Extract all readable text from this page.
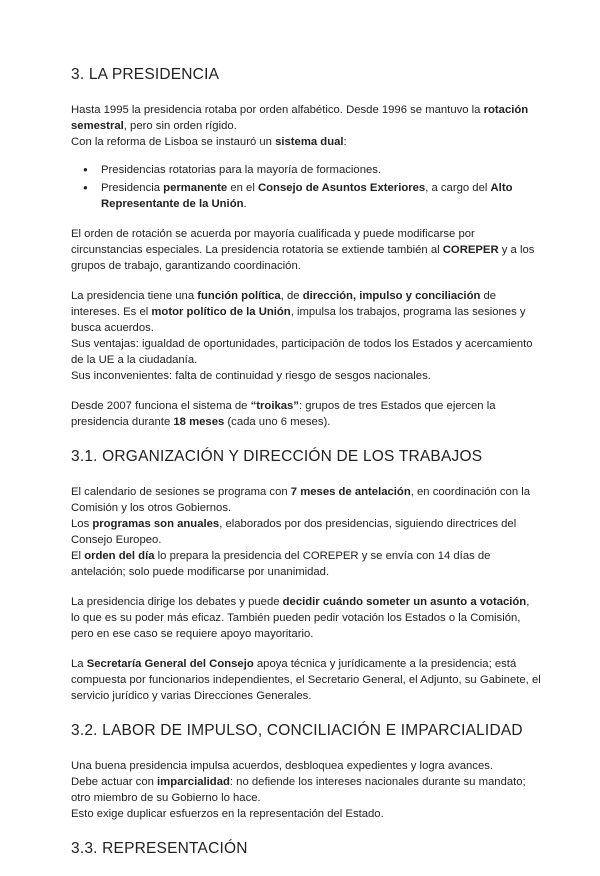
3. LA PRESIDENCIA

Hasta 1995 la presidencia rotaba por orden alfabético. Desde 1996 se mantuvo la rotación semestral, pero sin orden rígido.

Con la reforma de Lisboa se instauró un sistema dual:

● Presidencias rotatorias para la mayoría de formaciones.
● Presidencia permanente en el Consejo de Asuntos Exteriores, a cargo del Alto Representante de la Unión.

El orden de rotación se acuerda por mayoría cualificada y puede modificarse por circunstancias especiales. La presidencia rotatoria se extiende también al COREPER y a los grupos de trabajo, garantizando coordinación.

La presidencia tiene una función política, de dirección, impulso y conciliación de intereses. Es el motor político de la Unión, impulsa los trabajos, programa las sesiones y busca acuerdos.

Sus ventajas: igualdad de oportunidades, participación de todos los Estados y acercamiento de la UE a la ciudadanía.

Sus inconvenientes: falta de continuidad y riesgo de sesgos nacionales.

Desde 2007 funciona el sistema de “troikas”: grupos de tres Estados que ejercen la presidencia durante 18 meses (cada uno 6 meses).

3.1. ORGANIZACIÓN Y DIRECCIÓN DE LOS TRABAJOS

El calendario de sesiones se programa con 7 meses de antelación, en coordinación con la Comisión y los otros Gobiernos.

Los programas son anuales, elaborados por dos presidencias, siguiendo directrices del Consejo Europeo.

El orden del día lo prepara la presidencia del COREPER y se envía con 14 días de antelación; solo puede modificarse por unanimidad.

La presidencia dirige los debates y puede decidir cuándo someter un asunto a votación, lo que es su poder más eficaz. También pueden pedir votación los Estados o la Comisión, pero en ese caso se requiere apoyo mayoritario.

La Secretaría General del Consejo apoya técnica y jurídicamente a la presidencia; está compuesta por funcionarios independientes, el Secretario General, el Adjunto, su Gabinete, el servicio jurídico y varias Direcciones Generales.

3.2. LABOR DE IMPULSO, CONCILIACIÓN E IMPARCIALIDAD

Una buena presidencia impulsa acuerdos, desbloquea expedientes y logra avances.

Debe actuar con imparcialidad: no defiende los intereses nacionales durante su mandato; otro miembro de su Gobierno lo hace.

Esto exige duplicar esfuerzos en la representación del Estado.

3.3. REPRESENTACIÓN
